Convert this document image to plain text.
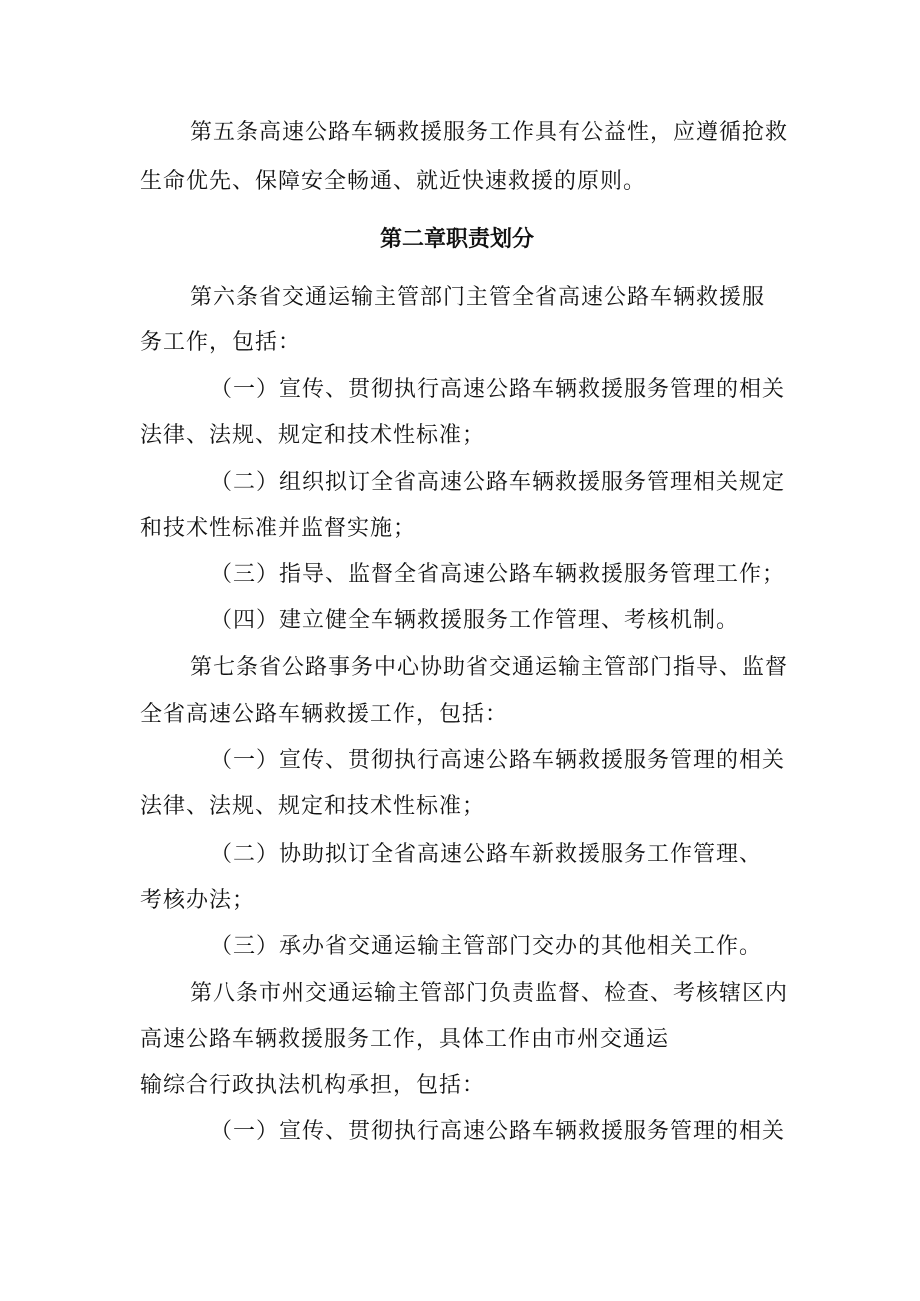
第五条高速公路车辆救援服务工作具有公益性，应遵循抢救
生命优先、保障安全畅通、就近快速救援的原则。
第二章职责划分
第六条省交通运输主管部门主管全省高速公路车辆救援服
务工作，包括：
（一）宣传、贯彻执行高速公路车辆救援服务管理的相关
法律、法规、规定和技术性标准；
（二）组织拟订全省高速公路车辆救援服务管理相关规定
和技术性标准并监督实施；
（三）指导、监督全省高速公路车辆救援服务管理工作；
（四）建立健全车辆救援服务工作管理、考核机制。
第七条省公路事务中心协助省交通运输主管部门指导、监督
全省高速公路车辆救援工作，包括：
（一）宣传、贯彻执行高速公路车辆救援服务管理的相关
法律、法规、规定和技术性标准；
（二）协助拟订全省高速公路车新救援服务工作管理、
考核办法；
（三）承办省交通运输主管部门交办的其他相关工作。
第八条市州交通运输主管部门负责监督、检查、考核辖区内
高速公路车辆救援服务工作，具体工作由市州交通运
输综合行政执法机构承担，包括：
（一）宣传、贯彻执行高速公路车辆救援服务管理的相关
